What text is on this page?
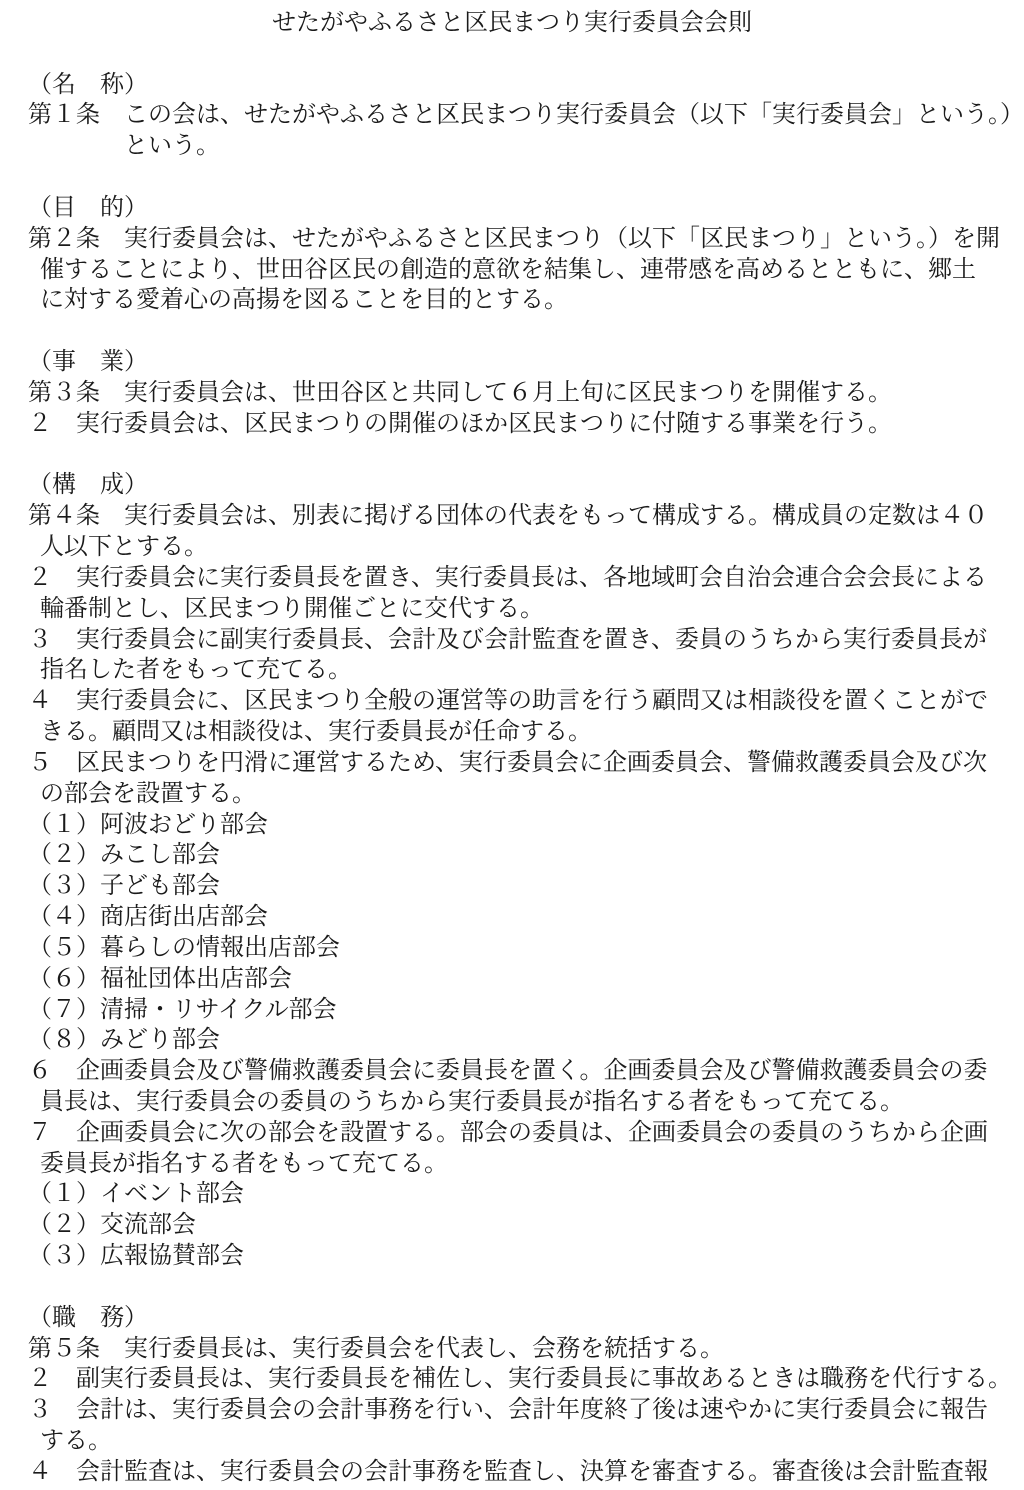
せたがやふるさと区民まつり実行委員会会則

（名　称）
第１条　この会は、せたがやふるさと区民まつり実行委員会（以下「実行委員会」という。）
という。

（目　的）
第２条　実行委員会は、せたがやふるさと区民まつり（以下「区民まつり」という。）を開
催することにより、世田谷区民の創造的意欲を結集し、連帯感を高めるとともに、郷土
に対する愛着心の高揚を図ることを目的とする。

（事　業）
第３条　実行委員会は、世田谷区と共同して６月上旬に区民まつりを開催する。
２　実行委員会は、区民まつりの開催のほか区民まつりに付随する事業を行う。

（構　成）
第４条　実行委員会は、別表に掲げる団体の代表をもって構成する。構成員の定数は４０
人以下とする。
２　実行委員会に実行委員長を置き、実行委員長は、各地域町会自治会連合会会長による
輪番制とし、区民まつり開催ごとに交代する。
３　実行委員会に副実行委員長、会計及び会計監査を置き、委員のうちから実行委員長が
指名した者をもって充てる。
４　実行委員会に、区民まつり全般の運営等の助言を行う顧問又は相談役を置くことがで
きる。顧問又は相談役は、実行委員長が任命する。
５　区民まつりを円滑に運営するため、実行委員会に企画委員会、警備救護委員会及び次
の部会を設置する。
（１）阿波おどり部会
（２）みこし部会
（３）子ども部会
（４）商店街出店部会
（５）暮らしの情報出店部会
（６）福祉団体出店部会
（７）清掃・リサイクル部会
（８）みどり部会
６　企画委員会及び警備救護委員会に委員長を置く。企画委員会及び警備救護委員会の委
員長は、実行委員会の委員のうちから実行委員長が指名する者をもって充てる。
７　企画委員会に次の部会を設置する。部会の委員は、企画委員会の委員のうちから企画
委員長が指名する者をもって充てる。
（１）イベント部会
（２）交流部会
（３）広報協賛部会

（職　務）
第５条　実行委員長は、実行委員会を代表し、会務を統括する。
２　副実行委員長は、実行委員長を補佐し、実行委員長に事故あるときは職務を代行する。
３　会計は、実行委員会の会計事務を行い、会計年度終了後は速やかに実行委員会に報告
する。
４　会計監査は、実行委員会の会計事務を監査し、決算を審査する。審査後は会計監査報
